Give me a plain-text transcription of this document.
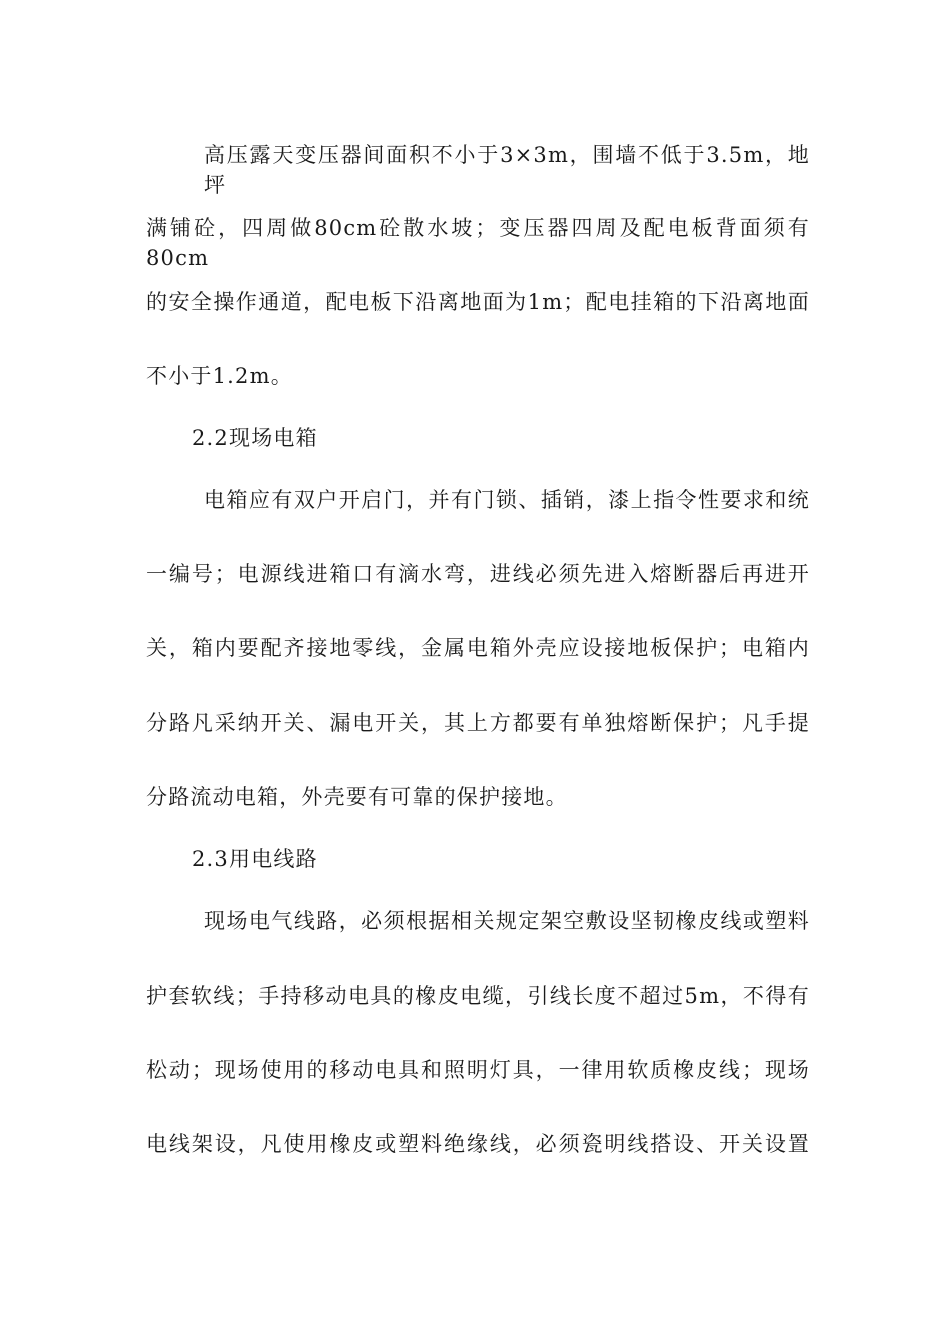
高压露天变压器间面积不小于3×3m，围墙不低于3.5m，地坪
满铺砼，四周做80cm砼散水坡；变压器四周及配电板背面须有80cm
的安全操作通道，配电板下沿离地面为1m；配电挂箱的下沿离地面
不小于1.2m。
2.2现场电箱
电箱应有双户开启门，并有门锁、插销，漆上指令性要求和统
一编号；电源线进箱口有滴水弯，进线必须先进入熔断器后再进开
关，箱内要配齐接地零线，金属电箱外壳应设接地板保护；电箱内
分路凡采纳开关、漏电开关，其上方都要有单独熔断保护；凡手提
分路流动电箱，外壳要有可靠的保护接地。
2.3用电线路
现场电气线路，必须根据相关规定架空敷设坚韧橡皮线或塑料
护套软线；手持移动电具的橡皮电缆，引线长度不超过5m，不得有
松动；现场使用的移动电具和照明灯具，一律用软质橡皮线；现场
电线架设，凡使用橡皮或塑料绝缘线，必须瓷明线搭设、开关设置
